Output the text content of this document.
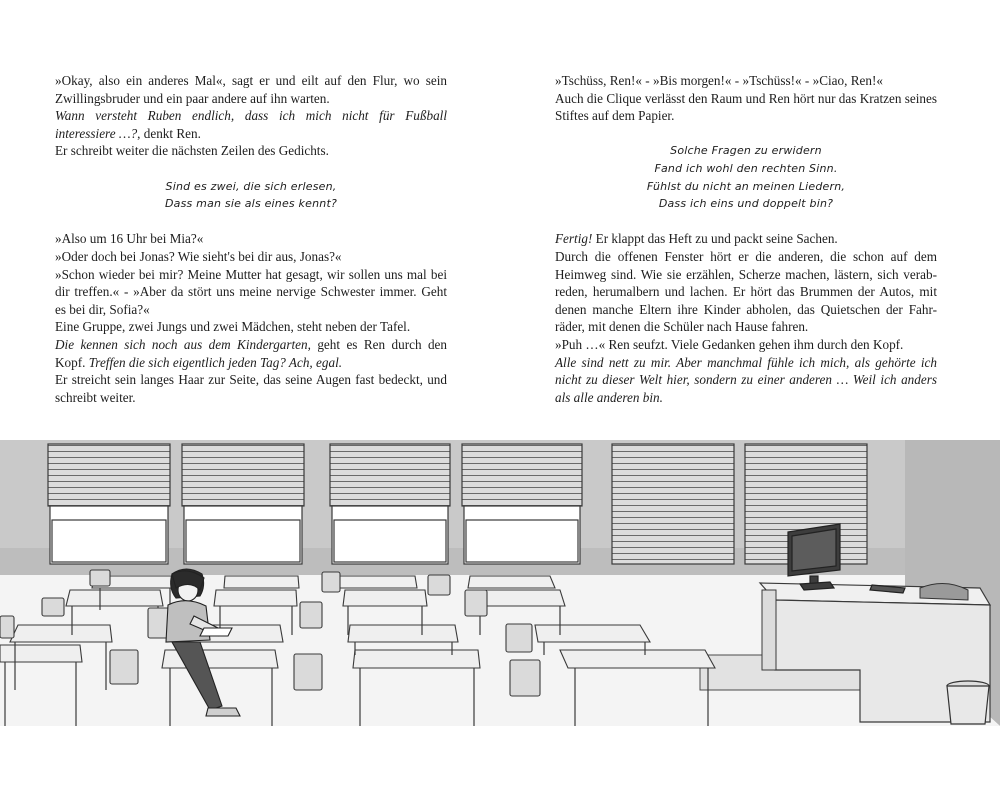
»Okay, also ein anderes Mal«, sagt er und eilt auf den Flur, wo sein

Zwillingsbruder und ein paar andere auf ihn warten.

Wann versteht Ruben endlich, dass ich mich nicht für Fußball

interessiere …?, denkt Ren.

Er schreibt weiter die nächsten Zeilen des Gedichts.

Sind es zwei, die sich erlesen,

Dass man sie als eines kennt?

»Also um 16 Uhr bei Mia?«

»Oder doch bei Jonas? Wie sieht's bei dir aus, Jonas?«

»Schon wieder bei mir? Meine Mutter hat gesagt, wir sollen uns mal bei

dir treffen.« - »Aber da stört uns meine nervige Schwester immer. Geht

es bei dir, Sofia?«

Eine Gruppe, zwei Jungs und zwei Mädchen, steht neben der Tafel.

Die kennen sich noch aus dem Kindergarten, geht es Ren durch den

Kopf. Treffen die sich eigentlich jeden Tag? Ach, egal.

Er streicht sein langes Haar zur Seite, das seine Augen fast bedeckt, und

schreibt weiter.

»Tschüss, Ren!« - »Bis morgen!« - »Tschüss!« - »Ciao, Ren!«

Auch die Clique verlässt den Raum und Ren hört nur das Kratzen seines

Stiftes auf dem Papier.

Solche Fragen zu erwidern

Fand ich wohl den rechten Sinn.

Fühlst du nicht an meinen Liedern,

Dass ich eins und doppelt bin?

Fertig! Er klappt das Heft zu und packt seine Sachen.

Durch die offenen Fenster hört er die anderen, die schon auf dem

Heimweg sind. Wie sie erzählen, Scherze machen, lästern, sich verab-

reden, herumalbern und lachen. Er hört das Brummen der Autos, mit

denen manche Eltern ihre Kinder abholen, das Quietschen der Fahr-

räder, mit denen die Schüler nach Hause fahren.

»Puh …« Ren seufzt. Viele Gedanken gehen ihm durch den Kopf.

Alle sind nett zu mir. Aber manchmal fühle ich mich, als gehörte ich

nicht zu dieser Welt hier, sondern zu einer anderen … Weil ich anders

als alle anderen bin.
